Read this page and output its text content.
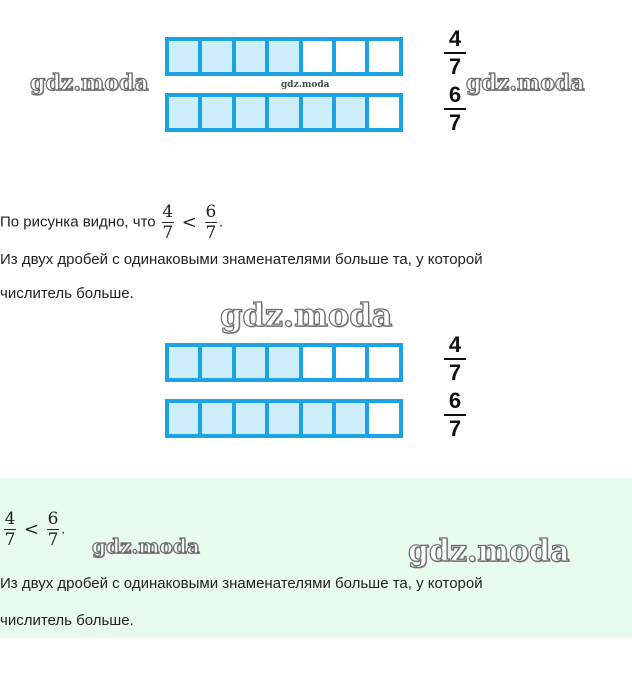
4
7
6
7
gdz.moda	gdz.moda
gdz.moda
По рисунка видно, что $\frac{4}{7} < \frac{6}{7}$ .
Из двух дробей с одинаковыми знаменателями больше та, у которой
числитель больше.
gdz.moda
4
7
6
7
$\frac{4}{7} < \frac{6}{7}$ .
gdz.moda	gdz.moda
Из двух дробей с одинаковыми знаменателями больше та, у которой
числитель больше.
